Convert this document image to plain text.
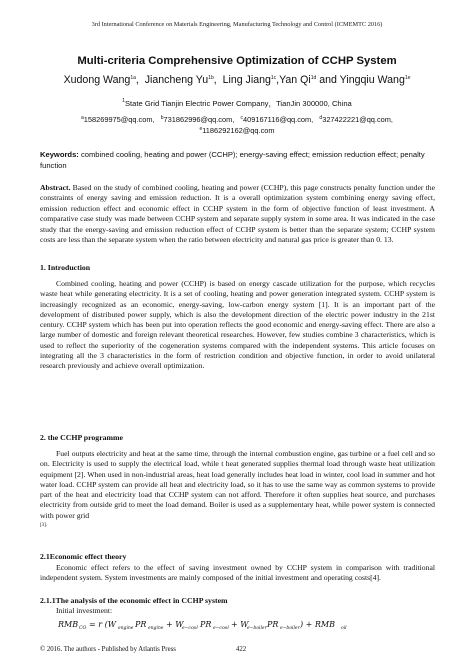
3rd International Conference on Materials Engineering, Manufacturing Technology and Control (ICMEMTC 2016)
Multi-criteria Comprehensive Optimization of CCHP System
Xudong Wang$^{1a}$,  Jiancheng $Yu^{1b}$,  Ling Jiang$^{1c}$,Yan $Qi^{1d}$ and Yingqiu Wang$^{1e}$
$^1$State Grid Tianjin Electric Power Company，TianJin 300000, China
$^a$158269975@qq.com, $^b$731862996@qq.com, $^c$409167116@qq.com, $^d$327422221@qq.com,
$^e$1186292162@qq.com
Keywords: combined cooling, heating and power (CCHP); energy-saving effect; emission reduction effect; penalty function
Abstract. Based on the study of combined cooling, heating and power (CCHP), this page constructs penalty function under the constraints of energy saving and emission reduction. It is a overall optimization system combining energy saving effect, emission reduction effect and economic effect in CCHP system in the form of objective function of least investment. A comparative case study was made between CCHP system and separate supply system in some area. It was indicated in the case study that the energy-saving and emission reduction effect of CCHP system is better than the separate system; CCHP system costs are less than the separate system when the ratio between electricity and natural gas price is greater than 0. 13.
1. Introduction
Combined cooling, heating and power (CCHP) is based on energy cascade utilization for the purpose, which recycles waste heat while generating electricity. It is a set of cooling, heating and power generation integrated system. CCHP system is increasingly recognized as an economic, energy-saving, low-carbon energy system [1]. It is an important part of the development of distributed power supply, which is also the development direction of the electric power industry in the 21st century. CCHP system which has been put into operation reflects the good economic and energy-saving effect. There are also a large number of domestic and foreign relevant theoretical researches. However, few studies combine 3 characteristics, which is used to reflect the superiority of the cogeneration systems compared with the independent systems. This article focuses on integrating all the 3 characteristics in the form of restriction condition and objective function, in order to avoid unilateral research previously and achieve overall optimization.
2. the CCHP programme
Fuel outputs electricity and heat at the same time, through the internal combustion engine, gas turbine or a fuel cell and so on. Electricity is used to supply the electrical load, while t heat generated supplies thermal load through waste heat utilization equipment [2]. When used in non-industrial areas, heat load generally includes heat load in winter, cool load in summer and hot water load. CCHP system can provide all heat and electricity load, so it has to use the same way as common systems to provide part of the heat and electricity load that CCHP system can not afford. Therefore it often supplies heat source, and purchases electricity from outside grid to meet the load demand. Boiler is used as a supplementary heat, while power system is connected with power grid
$^{[3].}$
2.1Economic effect theory
Economic effect refers to the effect of saving investment owned by CCHP system in comparison with traditional independent system. System investments are mainly composed of the initial investment and operating costs[4].
2.1.1The analysis of the economic effect in CCHP system
Initial investment:
RMB CO = r (W engine PR engine + W
e−cool PR e−cool + W
e−boiler PR e−boiler ) + RMB oil
© 2016. The authors - Published by Atlantis Press	422
